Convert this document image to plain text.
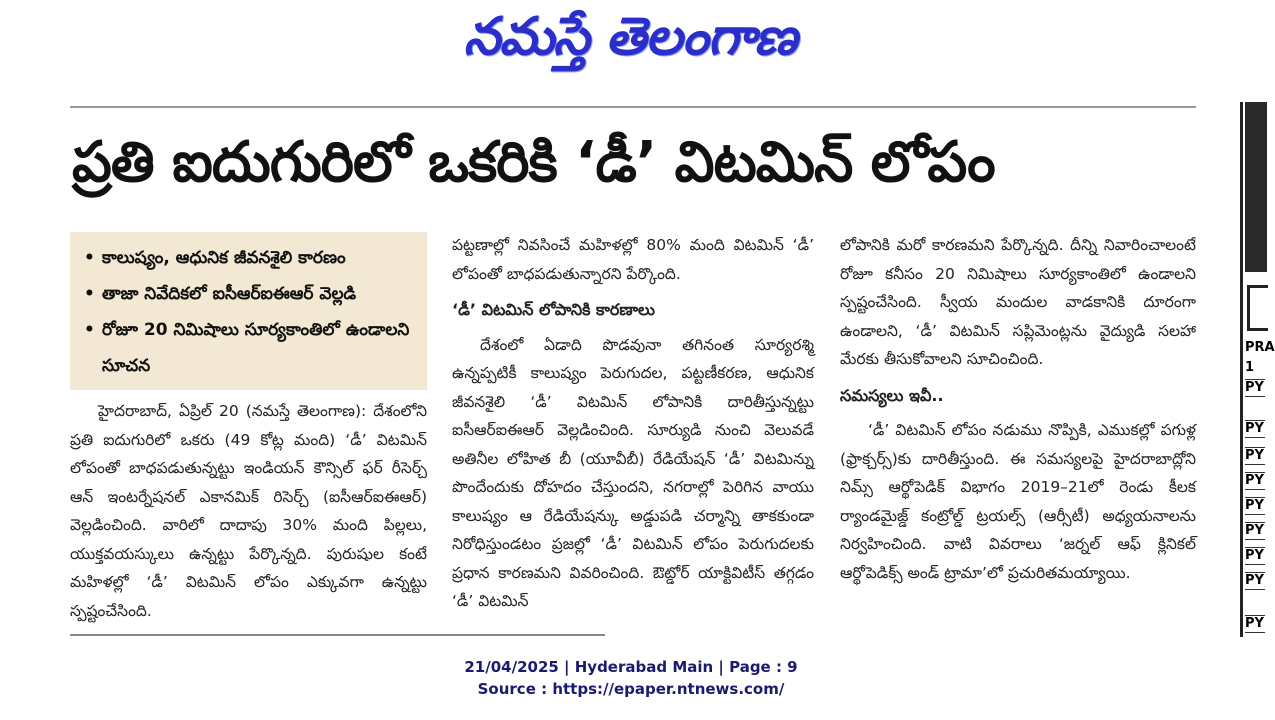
నమస్తే తెలంగాణ
ప్రతి ఐదుగురిలో ఒకరికి ‘డీ’ విటమిన్ లోపం
• కాలుష్యం, ఆధునిక జీవనశైలి కారణం
• తాజా నివేదికలో ఐసీఆర్ఐఈఆర్ వెల్లడి
• రోజూ 20 నిమిషాలు సూర్యకాంతిలో ఉండాలని సూచన

హైదరాబాద్, ఏప్రిల్ 20 (నమస్తే తెలంగాణ): దేశంలోని ప్రతి ఐదుగురిలో ఒకరు (49 కోట్ల మంది) ‘డీ’ విటమిన్ లోపంతో బాధపడుతున్నట్టు ఇండియన్ కౌన్సిల్ ఫర్ రీసెర్చ్ ఆన్ ఇంటర్నేషనల్ ఎకానమిక్ రిసెర్చ్ (ఐసీఆర్ఐఈఆర్) వెల్లడించింది. వారిలో దాదాపు 30% మంది పిల్లలు, యుక్తవయస్కులు ఉన్నట్టు పేర్కొన్నది. పురుషుల కంటే మహిళల్లో ‘డీ’ విటమిన్ లోపం ఎక్కువగా ఉన్నట్టు స్పష్టంచేసింది.

పట్టణాల్లో నివసించే మహిళల్లో 80% మంది విటమిన్ ‘డీ’ లోపంతో బాధపడుతున్నారని పేర్కొంది.

‘డీ’ విటమిన్ లోపానికి కారణాలు

దేశంలో ఏడాది పొడవునా తగినంత సూర్యరశ్మి ఉన్నప్పటికీ కాలుష్యం పెరుగుదల, పట్టణీకరణ, ఆధునిక జీవనశైలి ‘డీ’ విటమిన్ లోపానికి దారితీస్తున్నట్టు ఐసీఆర్ఐఈఆర్ వెల్లడించింది. సూర్యుడి నుంచి వెలువడే అతినీల లోహిత బీ (యూవీబీ) రేడియేషన్ ‘డీ’ విటమిన్ను పొందేందుకు దోహదం చేస్తుందని, నగరాల్లో పెరిగిన వాయు కాలుష్యం ఆ రేడియేషన్కు అడ్డుపడి చర్మాన్ని తాకకుండా నిరోధిస్తుండటం ప్రజల్లో ‘డీ’ విటమిన్ లోపం పెరుగుదలకు ప్రధాన కారణమని వివరించింది. ఔట్డోర్ యాక్టివిటీస్ తగ్గడం ‘డీ’ విటమిన్

లోపానికి మరో కారణమని పేర్కొన్నది. దీన్ని నివారించాలంటే రోజూ కనీసం 20 నిమిషాలు సూర్యకాంతిలో ఉండాలని స్పష్టంచేసింది. స్వీయ మందుల వాడకానికి దూరంగా ఉండాలని, ‘డీ’ విటమిన్ సప్లిమెంట్లను వైద్యుడి సలహా మేరకు తీసుకోవాలని సూచించింది.

సమస్యలు ఇవీ..

‘డీ’ విటమిన్ లోపం నడుము నొప్పికి, ఎముకల్లో పగుళ్ల (ఫ్రాక్చర్స్)కు దారితీస్తుంది. ఈ సమస్యలపై హైదరాబాద్లోని నిమ్స్ ఆర్థోపెడిక్ విభాగం 2019–21లో రెండు కీలక ర్యాండమైజ్డ్ కంట్రోల్డ్ ట్రయల్స్ (ఆర్సీటీ) అధ్యయనాలను నిర్వహించింది. వాటి వివరాలు ‘జర్నల్ ఆఫ్ క్లినికల్ ఆర్థోపెడిక్స్ అండ్ ట్రామా’లో ప్రచురితమయ్యాయి.

21/04/2025 | Hyderabad Main | Page : 9
Source : https://epaper.ntnews.com/
PRA
1
PY
PY
PY
PY
PY
PY
PY
PY
PY
